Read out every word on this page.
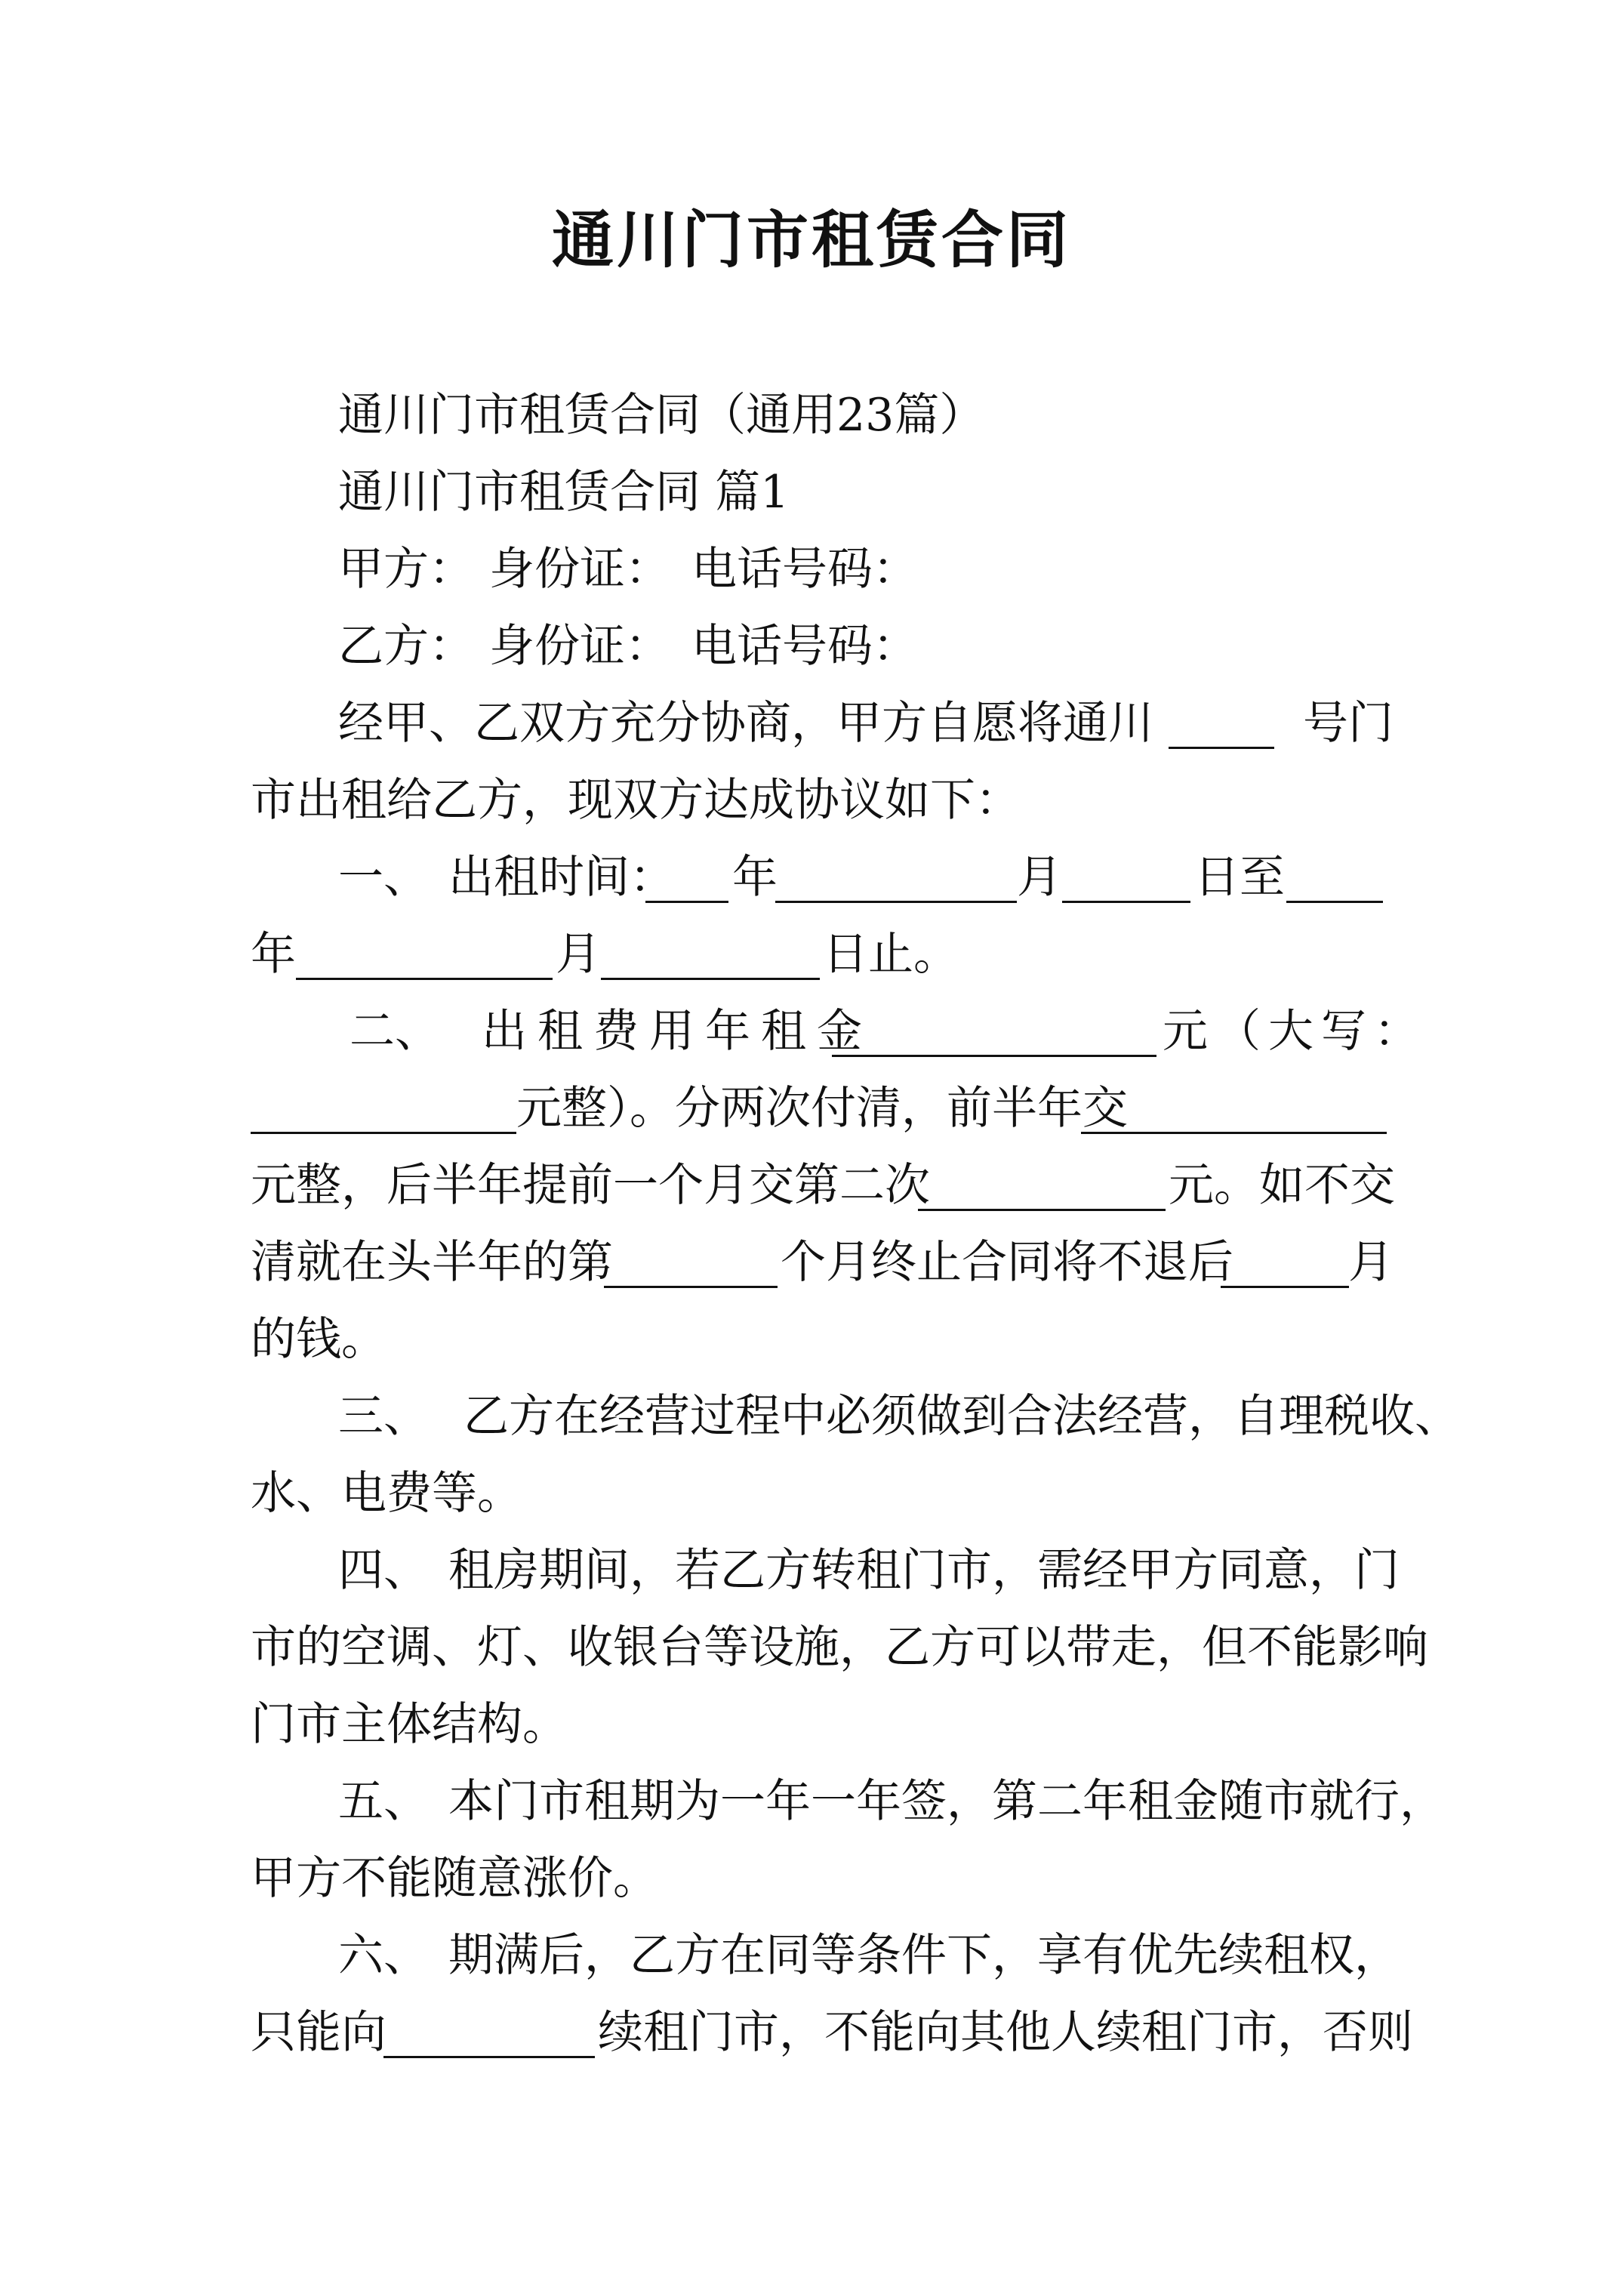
通川门市租赁合同
通川门市租赁合同（通用23篇）
通川门市租赁合同 篇1
甲方： 身份证： 电话号码：
乙方： 身份证： 电话号码：
经甲、乙双方充分协商，甲方自愿将通川	号门
市出租给乙方，现双方达成协议如下：
一、 出租时间： 年	月	日至
年	月	日止。
二、 出租费用年租金	元（大写：
元整）。分两次付清，前半年交
元整，后半年提前一个月交第二次	元。如不交
清就在头半年的第	个月终止合同将不退后	月
的钱。
三、 乙方在经营过程中必须做到合法经营，自理税收、
水、电费等。
四、 租房期间，若乙方转租门市，需经甲方同意，门
市的空调、灯、收银台等设施，乙方可以带走，但不能影响
门市主体结构。
五、 本门市租期为一年一年签，第二年租金随市就行，
甲方不能随意涨价。
六、 期满后，乙方在同等条件下，享有优先续租权，
只能向	续租门市，不能向其他人续租门市，否则
